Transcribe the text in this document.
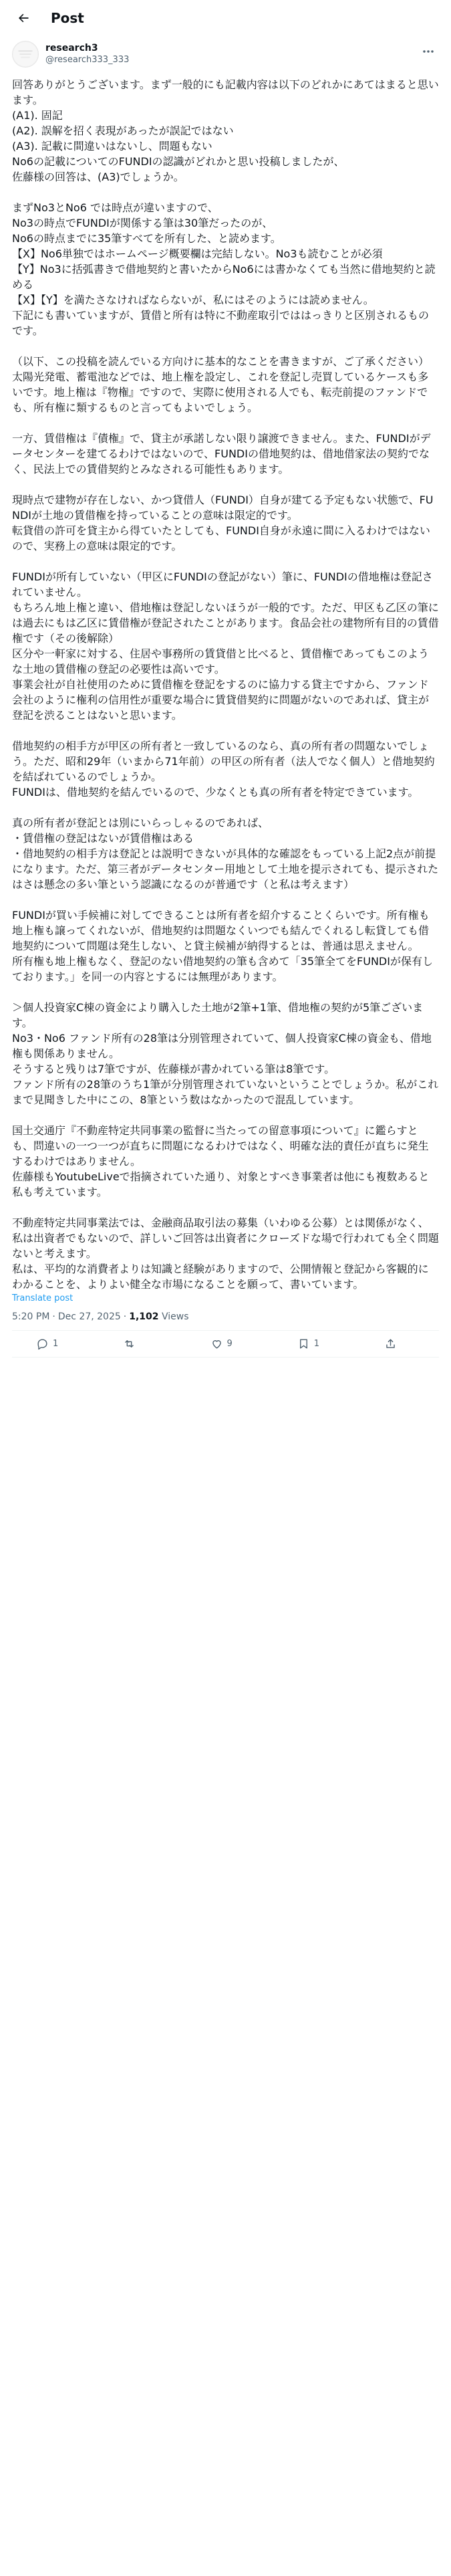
Post
research3
@research333_333
回答ありがとうございます。まず一般的にも記載内容は以下のどれかにあてはまると思います。
(A1). 固記
(A2). 誤解を招く表現があったが誤記ではない
(A3). 記載に間違いはないし、問題もない
No6の記載についてのFUNDIの認識がどれかと思い投稿しましたが、
佐藤様の回答は、(A3)でしょうか。

まずNo3とNo6 では時点が違いますので、
No3の時点でFUNDIが関係する筆は30筆だったのが、
No6の時点までに35筆すべてを所有した、と読めます。
【X】No6単独ではホームページ概要欄は完結しない。No3も読むことが必須
【Y】No3に括弧書きで借地契約と書いたからNo6には書かなくても当然に借地契約と読める
【X】【Y】を満たさなければならないが、私にはそのようには読めません。
下記にも書いていますが、賃借と所有は特に不動産取引でははっきりと区別されるものです。

（以下、この投稿を読んでいる方向けに基本的なことを書きますが、ご了承ください）
太陽光発電、蓄電池などでは、地上権を設定し、これを登記し売買しているケースも多いです。地上権は『物権』ですので、実際に使用される人でも、転売前提のファンドでも、所有権に類するものと言ってもよいでしょう。

一方、賃借権は『債権』で、貸主が承諾しない限り譲渡できません。また、FUNDIがデータセンターを建てるわけではないので、FUNDIの借地契約は、借地借家法の契約でなく、民法上での賃借契約とみなされる可能性もあります。

現時点で建物が存在しない、かつ貸借人（FUNDI）自身が建てる予定もない状態で、FUNDIが土地の賃借権を持っていることの意味は限定的です。
転貸借の許可を貸主から得ていたとしても、FUNDI自身が永遠に間に入るわけではないので、実務上の意味は限定的です。

FUNDIが所有していない（甲区にFUNDIの登記がない）筆に、FUNDIの借地権は登記されていません。
もちろん地上権と違い、借地権は登記しないほうが一般的です。ただ、甲区も乙区の筆には過去にもは乙区に賃借権が登記されたことがあります。食品会社の建物所有目的の賃借権です（その後解除）
区分や一軒家に対する、住居や事務所の賃貸借と比べると、賃借権であってもこのような土地の賃借権の登記の必要性は高いです。
事業会社が自社使用のために賃借権を登記をするのに協力する貸主ですから、ファンド会社のように権利の信用性が重要な場合に賃貸借契約に問題がないのであれば、貸主が登記を渋ることはないと思います。

借地契約の相手方が甲区の所有者と一致しているのなら、真の所有者の問題ないでしょう。ただ、昭和29年（いまから71年前）の甲区の所有者（法人でなく個人）と借地契約を結ばれているのでしょうか。
FUNDIは、借地契約を結んでいるので、少なくとも真の所有者を特定できています。

真の所有者が登記とは別にいらっしゃるのであれば、
・賃借権の登記はないが賃借権はある
・借地契約の相手方は登記とは説明できないが具体的な確認をもっている上記2点が前提になります。ただ、第三者がデータセンター用地として土地を提示されても、提示されたはさは懸念の多い筆という認識になるのが普通です（と私は考えます）

FUNDIが買い手候補に対してできることは所有者を紹介することくらいです。所有権も地上権も譲ってくれないが、借地契約は問題なくいつでも結んでくれるし転貸しても借地契約について問題は発生しない、と貸主候補が納得するとは、普通は思えません。
所有権も地上権もなく、登記のない借地契約の筆も含めて「35筆全てをFUNDIが保有しております。」を同一の内容とするには無理があります。

＞個人投資家C棟の資金により購入した土地が2筆+1筆、借地権の契約が5筆ございます。
No3・No6 ファンド所有の28筆は分別管理されていて、個人投資家C棟の資金も、借地権も関係ありません。
そうすると残りは7筆ですが、佐藤様が書かれている筆は8筆です。
ファンド所有の28筆のうち1筆が分別管理されていないということでしょうか。私がこれまで見聞きした中にこの、8筆という数はなかったので混乱しています。

国土交通庁『不動産特定共同事業の監督に当たっての留意事項について』に鑑らすとも、問違いの一つ一つが直ちに問題になるわけではなく、明確な法的責任が直ちに発生するわけではありません。
佐藤様もYoutubeLiveで指摘されていた通り、対象とすべき事業者は他にも複数あると私も考えています。

不動産特定共同事業法では、金融商品取引法の募集（いわゆる公募）とは関係がなく、私は出資者でもないので、詳しいご回答は出資者にクローズドな場で行われても全く問題ないと考えます。
私は、平均的な消費者よりは知識と経験がありますので、公開情報と登記から客観的にわかることを、よりよい健全な市場になることを願って、書いています。
Translate post
5:20 PM · Dec 27, 2025 · 1,102 Views
1	9	1
